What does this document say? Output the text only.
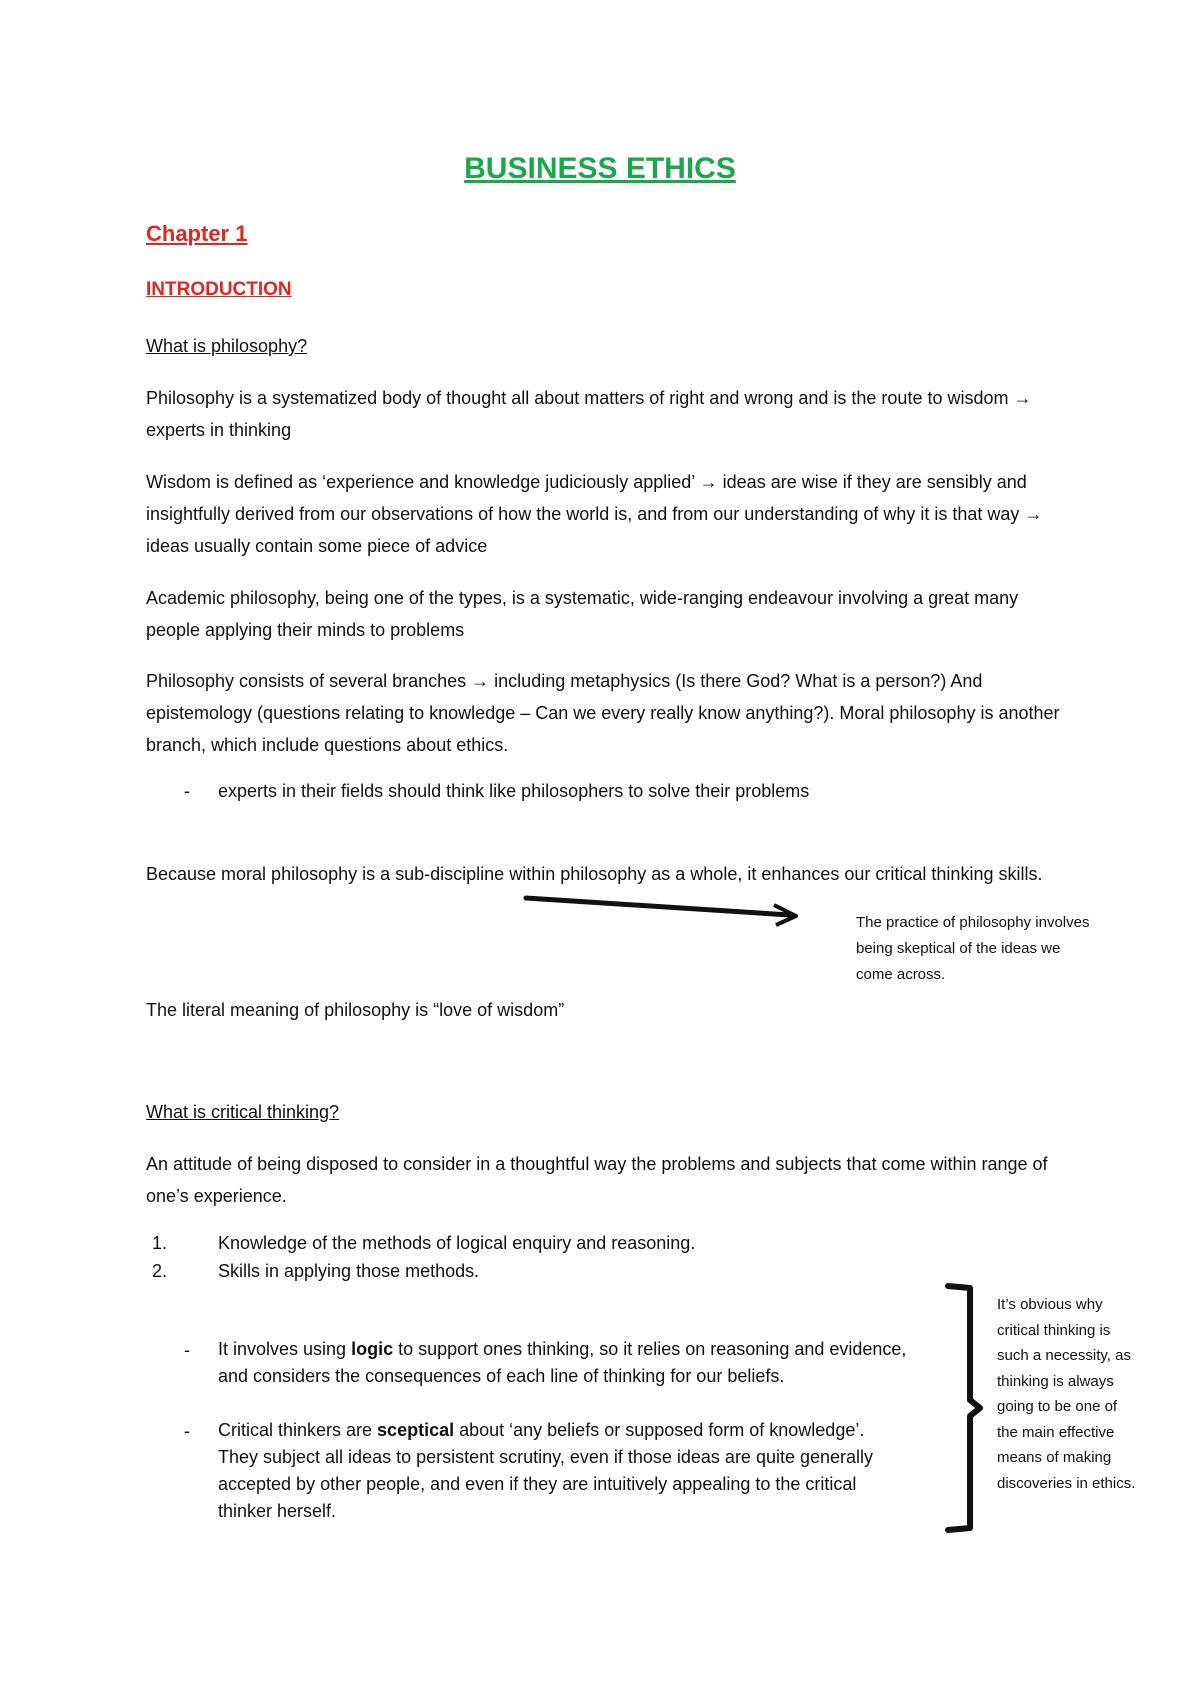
BUSINESS ETHICS
Chapter 1
INTRODUCTION
What is philosophy?

Philosophy is a systematized body of thought all about matters of right and wrong and is the route to wisdom → experts in thinking

Wisdom is defined as ‘experience and knowledge judiciously applied’ → ideas are wise if they are sensibly and insightfully derived from our observations of how the world is, and from our understanding of why it is that way → ideas usually contain some piece of advice

Academic philosophy, being one of the types, is a systematic, wide-ranging endeavour involving a great many people applying their minds to problems

Philosophy consists of several branches → including metaphysics (Is there God? What is a person?) And epistemology (questions relating to knowledge – Can we every really know anything?). Moral philosophy is another branch, which include questions about ethics.

- experts in their fields should think like philosophers to solve their problems

Because moral philosophy is a sub-discipline within philosophy as a whole, it enhances our critical thinking skills.

The practice of philosophy involves being skeptical of the ideas we come across.

The literal meaning of philosophy is “love of wisdom”

What is critical thinking?

An attitude of being disposed to consider in a thoughtful way the problems and subjects that come within range of one’s experience.

1.	Knowledge of the methods of logical enquiry and reasoning.
2.	Skills in applying those methods.
- It involves using logic to support ones thinking, so it relies on reasoning and evidence, and considers the consequences of each line of thinking for our beliefs.

- Critical thinkers are sceptical about ‘any beliefs or supposed form of knowledge’. They subject all ideas to persistent scrutiny, even if those ideas are quite generally accepted by other people, and even if they are intuitively appealing to the critical thinker herself.

It’s obvious why critical thinking is such a necessity, as thinking is always going to be one of the main effective means of making discoveries in ethics.
